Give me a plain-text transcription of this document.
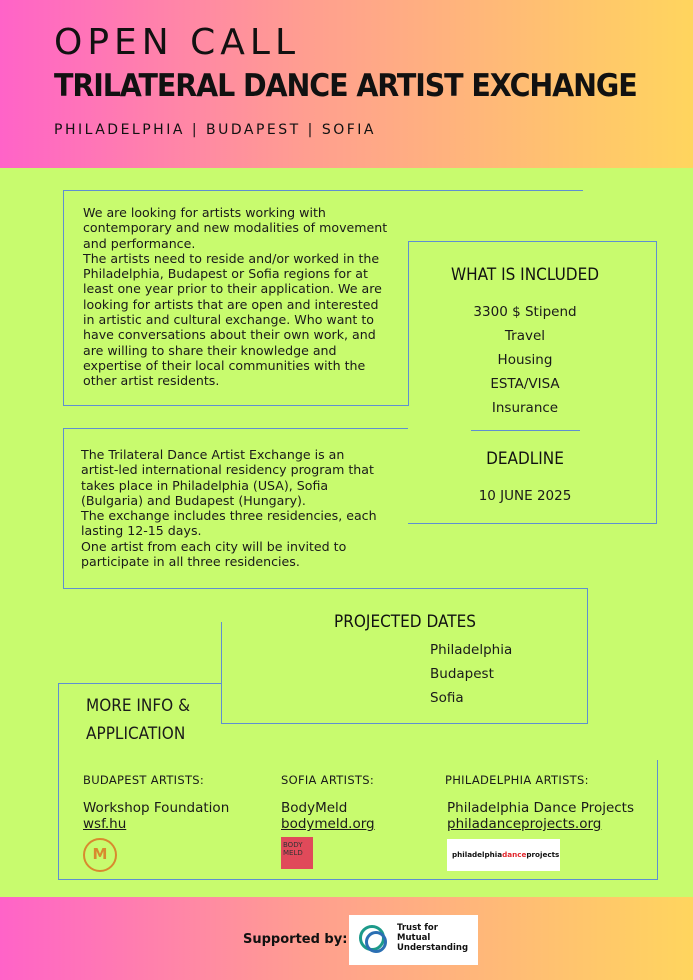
OPEN CALL
TRILATERAL DANCE ARTIST EXCHANGE
PHILADELPHIA | BUDAPEST | SOFIA
We are looking for artists working with
contemporary and new modalities of movement
and performance.
The artists need to reside and/or worked in the
Philadelphia, Budapest or Sofia regions for at
least one year prior to their application. We are
looking for artists that are open and interested
in artistic and cultural exchange. Who want to
have conversations about their own work, and
are willing to share their knowledge and
expertise of their local communities with the
other artist residents.
WHAT IS INCLUDED
3300 $ Stipend
Travel
Housing
ESTA/VISA
Insurance
DEADLINE
10 JUNE 2025
The Trilateral Dance Artist Exchange is an
artist-led international residency program that
takes place in Philadelphia (USA), Sofia
(Bulgaria) and Budapest (Hungary).
The exchange includes three residencies, each
lasting 12-15 days.
One artist from each city will be invited to
participate in all three residencies.
PROJECTED DATES
Philadelphia
Budapest
Sofia
MORE INFO &
APPLICATION
BUDAPEST ARTISTS:
Workshop Foundation
wsf.hu
SOFIA ARTISTS:
BodyMeld
bodymeld.org
PHILADELPHIA ARTISTS:
Philadelphia Dance Projects
philadanceprojects.org
M	BODY
MELD	philadelphiadanceprojects
Supported by:
Trust for
Mutual
Understanding
